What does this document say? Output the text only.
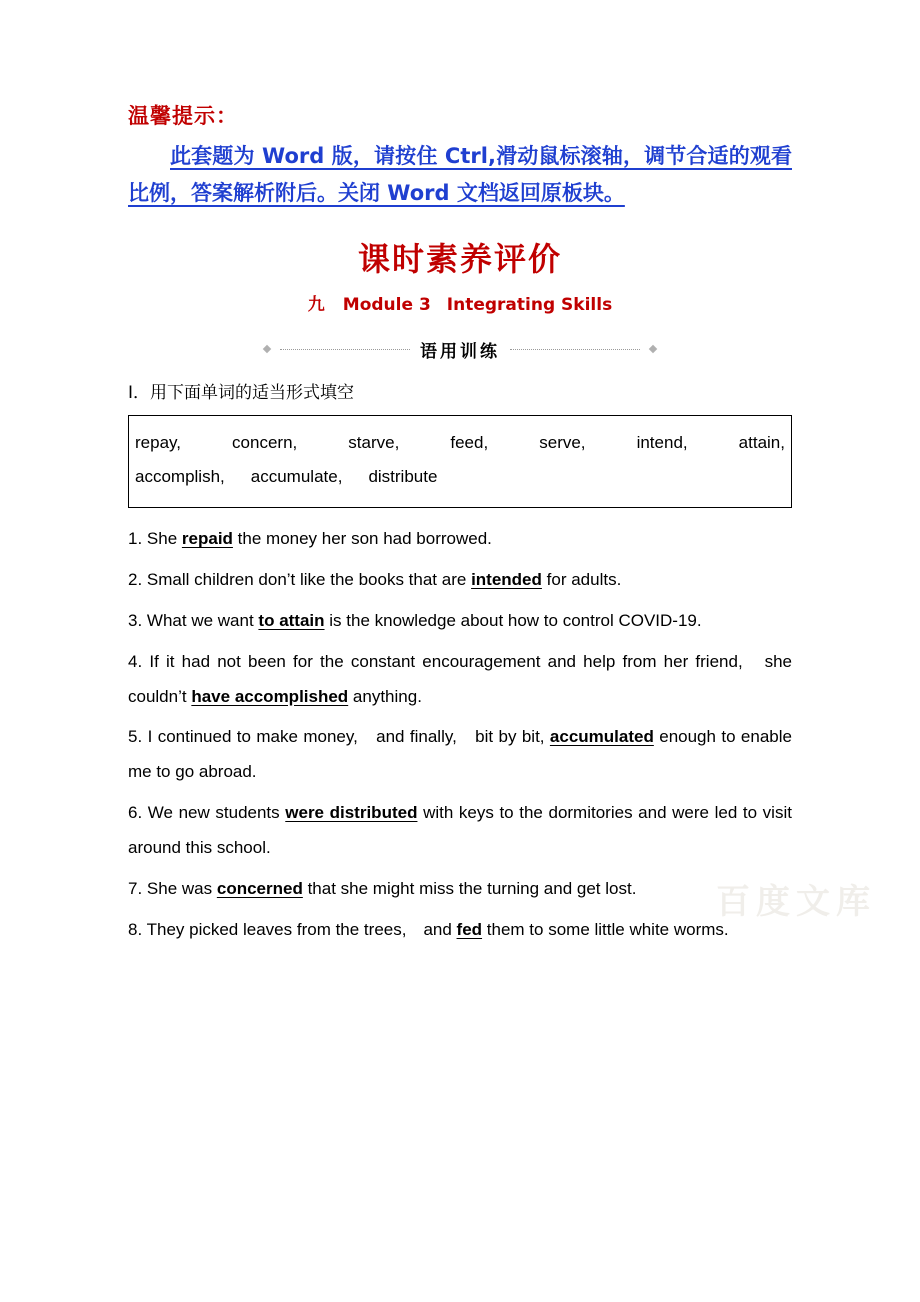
温馨提示：
此套题为 Word 版，请按住 Ctrl,滑动鼠标滚轴，调节合适的观看比例，答案解析附后。关闭 Word 文档返回原板块。
课时素养评价
九 Module 3 Integrating Skills
语用训练
Ⅰ．用下面单词的适当形式填空
repay,	concern,	starve,	feed,	serve,	intend,	attain,
accomplish, accumulate, distribute
1. She repaid the money her son had borrowed.
2. Small children don’t like the books that are intended for adults.
3. What we want to attain is the knowledge about how to control COVID-19.
4. If it had not been for the constant encouragement and help from her friend,　she couldn’t have accomplished anything.
5. I continued to make money,　and finally,　bit by bit, accumulated enough to enable me to go abroad.
6. We new students were distributed with keys to the dormitories and were led to visit around this school.
7. She was concerned that she might miss the turning and get lost.
8. They picked leaves from the trees,　and fed them to some little white worms.
百度文库
